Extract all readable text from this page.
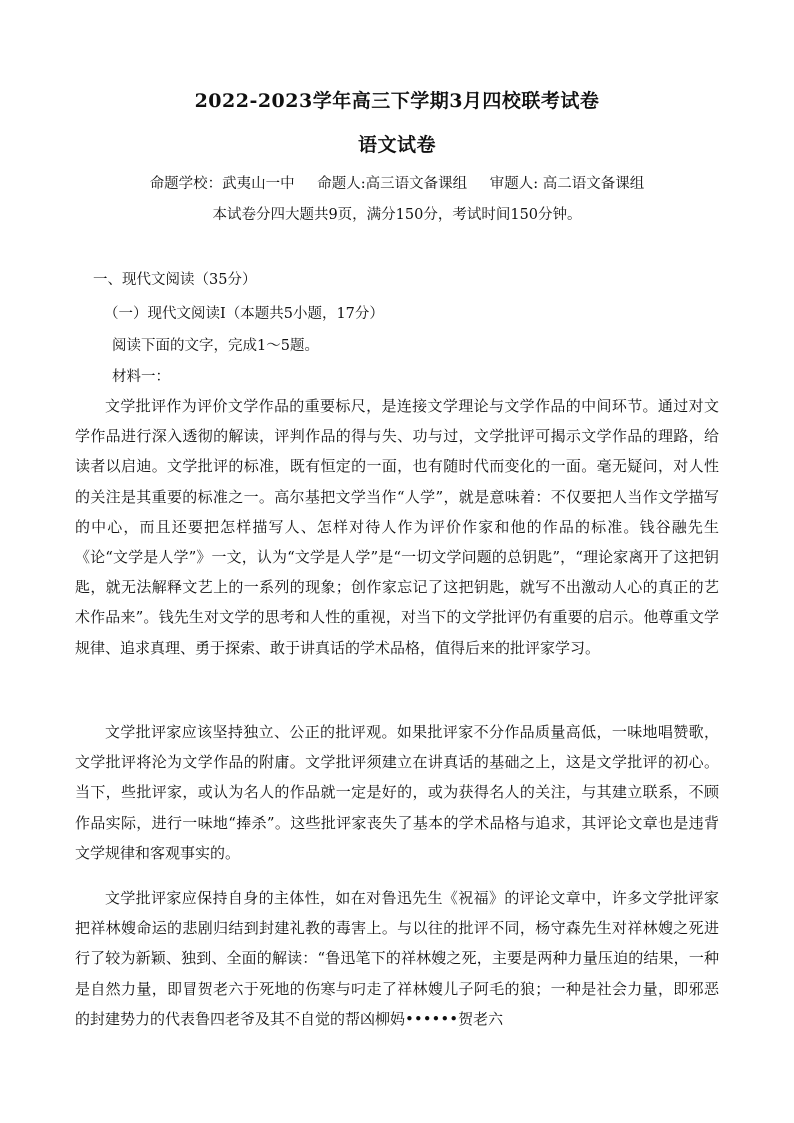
2022-2023学年高三下学期3月四校联考试卷
语文试卷
命题学校：武夷山一中 命题人:高三语文备课组 审题人: 高二语文备课组
本试卷分四大题共9页，满分150分，考试时间150分钟。
一、现代文阅读（35分）
（一）现代文阅读Ⅰ（本题共5小题，17分）
阅读下面的文字，完成1～5题。
材料一：
文学批评作为评价文学作品的重要标尺，是连接文学理论与文学作品的中间环节。通过对文学作品进行深入透彻的解读，评判作品的得与失、功与过，文学批评可揭示文学作品的理路，给读者以启迪。文学批评的标准，既有恒定的一面，也有随时代而变化的一面。毫无疑问，对人性的关注是其重要的标准之一。高尔基把文学当作“人学”，就是意味着：不仅要把人当作文学描写的中心，而且还要把怎样描写人、怎样对待人作为评价作家和他的作品的标准。钱谷融先生《论“文学是人学”》一文，认为“文学是人学”是“一切文学问题的总钥匙”，“理论家离开了这把钥匙，就无法解释文艺上的一系列的现象；创作家忘记了这把钥匙，就写不出激动人心的真正的艺术作品来”。钱先生对文学的思考和人性的重视，对当下的文学批评仍有重要的启示。他尊重文学规律、追求真理、勇于探索、敢于讲真话的学术品格，值得后来的批评家学习。
文学批评家应该坚持独立、公正的批评观。如果批评家不分作品质量高低，一味地唱赞歌，文学批评将沦为文学作品的附庸。文学批评须建立在讲真话的基础之上，这是文学批评的初心。当下，些批评家，或认为名人的作品就一定是好的，或为获得名人的关注，与其建立联系，不顾作品实际，进行一味地“捧杀”。这些批评家丧失了基本的学术品格与追求，其评论文章也是违背文学规律和客观事实的。
文学批评家应保持自身的主体性，如在对鲁迅先生《祝福》的评论文章中，许多文学批评家把祥林嫂命运的悲剧归结到封建礼教的毒害上。与以往的批评不同，杨守森先生对祥林嫂之死进行了较为新颖、独到、全面的解读：“鲁迅笔下的祥林嫂之死，主要是两种力量压迫的结果，一种是自然力量，即冒贺老六于死地的伤寒与叼走了祥林嫂儿子阿毛的狼；一种是社会力量，即邪恶的封建势力的代表鲁四老爷及其不自觉的帮凶柳妈••••••贺老六
